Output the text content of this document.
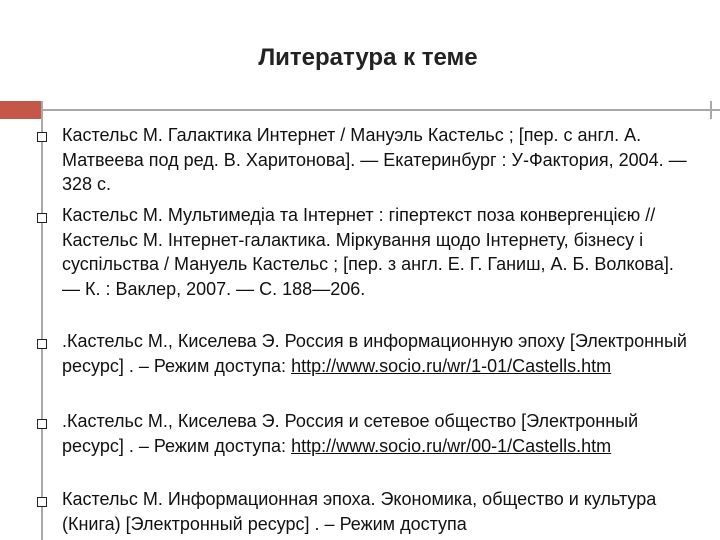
Литература к теме
Кастельс М. Галактика Интернет / Мануэль Кастельс ; [пер. с англ. А. Матвеева под ред. В. Харитонова]. — Екатеринбург : У-Фактория, 2004. — 328 с.
Кастельс М. Мультимедіа та Інтернет : гіпертекст поза конвергенцією // Кастельс М. Інтернет-галактика. Міркування щодо Інтернету, бізнесу і суспільства / Мануель Кастельс ; [пер. з англ. Е. Г. Ганиш, А. Б. Волкова]. — К. : Ваклер, 2007. — С. 188—206.
.Кастельс М., Киселева Э. Россия в информационную эпоху [Электронный ресурс] . – Режим доступа: http://www.socio.ru/wr/1-01/Castells.htm
.Кастельс М., Киселева Э. Россия и сетевое общество [Электронный ресурс] . – Режим доступа: http://www.socio.ru/wr/00-1/Castells.htm
Кастельс М. Информационная эпоха. Экономика, общество и культура (Книга) [Электронный ресурс] . – Режим доступа
